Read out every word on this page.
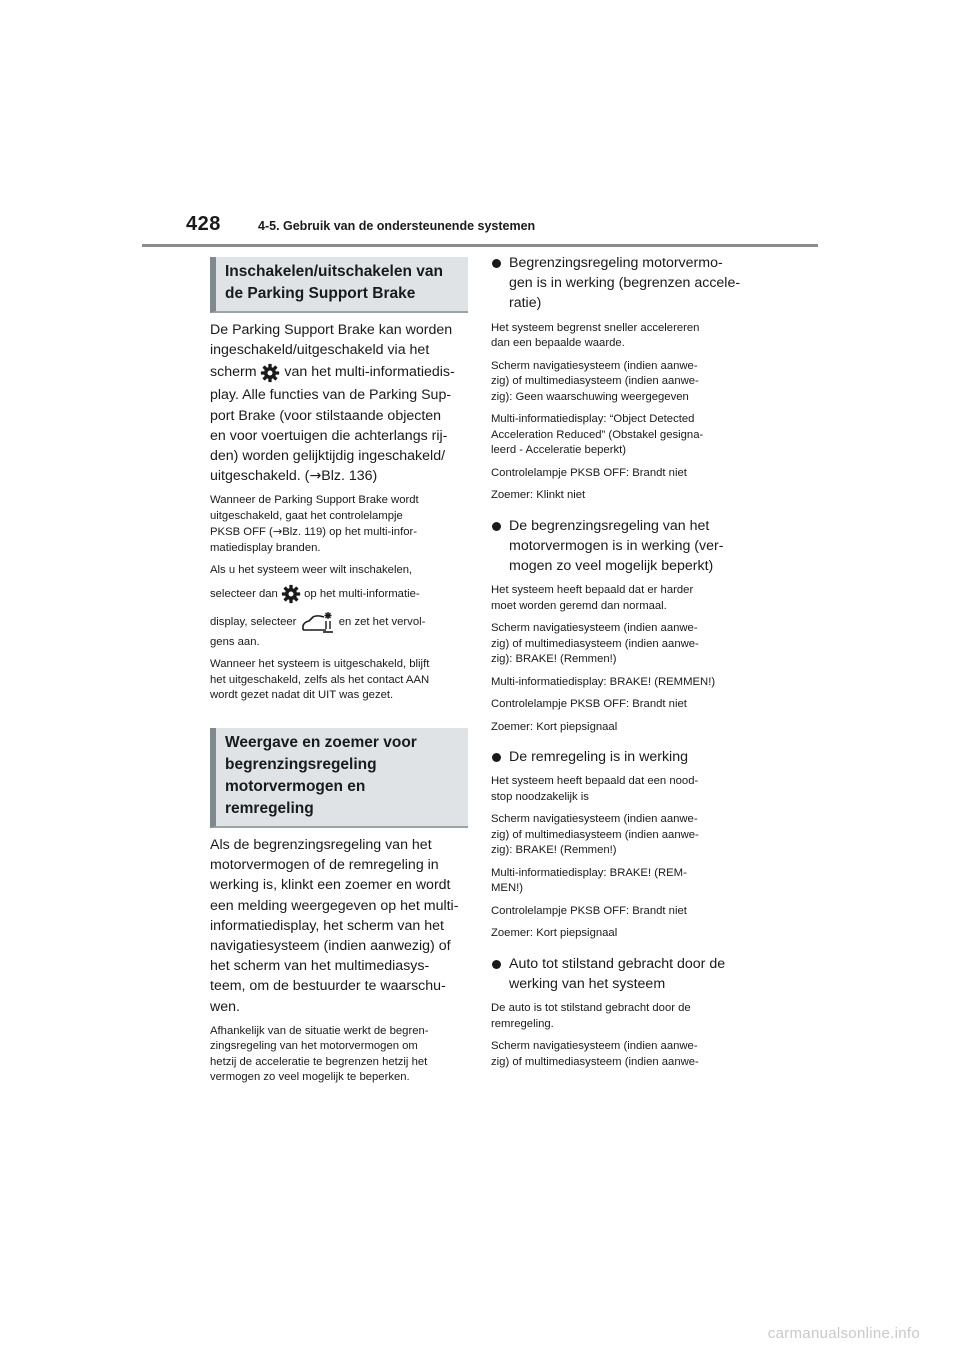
428	4-5. Gebruik van de ondersteunende systemen
Inschakelen/uitschakelen van
de Parking Support Brake
De Parking Support Brake kan worden
ingeschakeld/uitgeschakeld via het
scherm van het multi-informatiedis-
play. Alle functies van de Parking Sup-
port Brake (voor stilstaande objecten
en voor voertuigen die achterlangs rij-
den) worden gelijktijdig ingeschakeld/
uitgeschakeld. (→Blz. 136)
Wanneer de Parking Support Brake wordt
uitgeschakeld, gaat het controlelampje
PKSB OFF (→Blz. 119) op het multi-infor-
matiedisplay branden.
Als u het systeem weer wilt inschakelen,
selecteer dan op het multi-informatie-
display, selecteer	en zet het vervol-
gens aan.
Wanneer het systeem is uitgeschakeld, blijft
het uitgeschakeld, zelfs als het contact AAN
wordt gezet nadat dit UIT was gezet.
Weergave en zoemer voor
begrenzingsregeling
motorvermogen en
remregeling
Als de begrenzingsregeling van het
motorvermogen of de remregeling in
werking is, klinkt een zoemer en wordt
een melding weergegeven op het multi-
informatiedisplay, het scherm van het
navigatiesysteem (indien aanwezig) of
het scherm van het multimediasys-
teem, om de bestuurder te waarschu-
wen.
Afhankelijk van de situatie werkt de begren-
zingsregeling van het motorvermogen om
hetzij de acceleratie te begrenzen hetzij het
vermogen zo veel mogelijk te beperken.
Begrenzingsregeling motorvermo-
gen is in werking (begrenzen accele-
ratie)
Het systeem begrenst sneller accelereren
dan een bepaalde waarde.
Scherm navigatiesysteem (indien aanwe-
zig) of multimediasysteem (indien aanwe-
zig): Geen waarschuwing weergegeven
Multi-informatiedisplay: “Object Detected
Acceleration Reduced” (Obstakel gesigna-
leerd - Acceleratie beperkt)
Controlelampje PKSB OFF: Brandt niet
Zoemer: Klinkt niet
De begrenzingsregeling van het
motorvermogen is in werking (ver-
mogen zo veel mogelijk beperkt)
Het systeem heeft bepaald dat er harder
moet worden geremd dan normaal.
Scherm navigatiesysteem (indien aanwe-
zig) of multimediasysteem (indien aanwe-
zig): BRAKE! (Remmen!)
Multi-informatiedisplay: BRAKE! (REMMEN!)
Controlelampje PKSB OFF: Brandt niet
Zoemer: Kort piepsignaal
De remregeling is in werking
Het systeem heeft bepaald dat een nood-
stop noodzakelijk is
Scherm navigatiesysteem (indien aanwe-
zig) of multimediasysteem (indien aanwe-
zig): BRAKE! (Remmen!)
Multi-informatiedisplay: BRAKE! (REM-
MEN!)
Controlelampje PKSB OFF: Brandt niet
Zoemer: Kort piepsignaal
Auto tot stilstand gebracht door de
werking van het systeem
De auto is tot stilstand gebracht door de
remregeling.
Scherm navigatiesysteem (indien aanwe-
zig) of multimediasysteem (indien aanwe-
carmanualsonline.info
